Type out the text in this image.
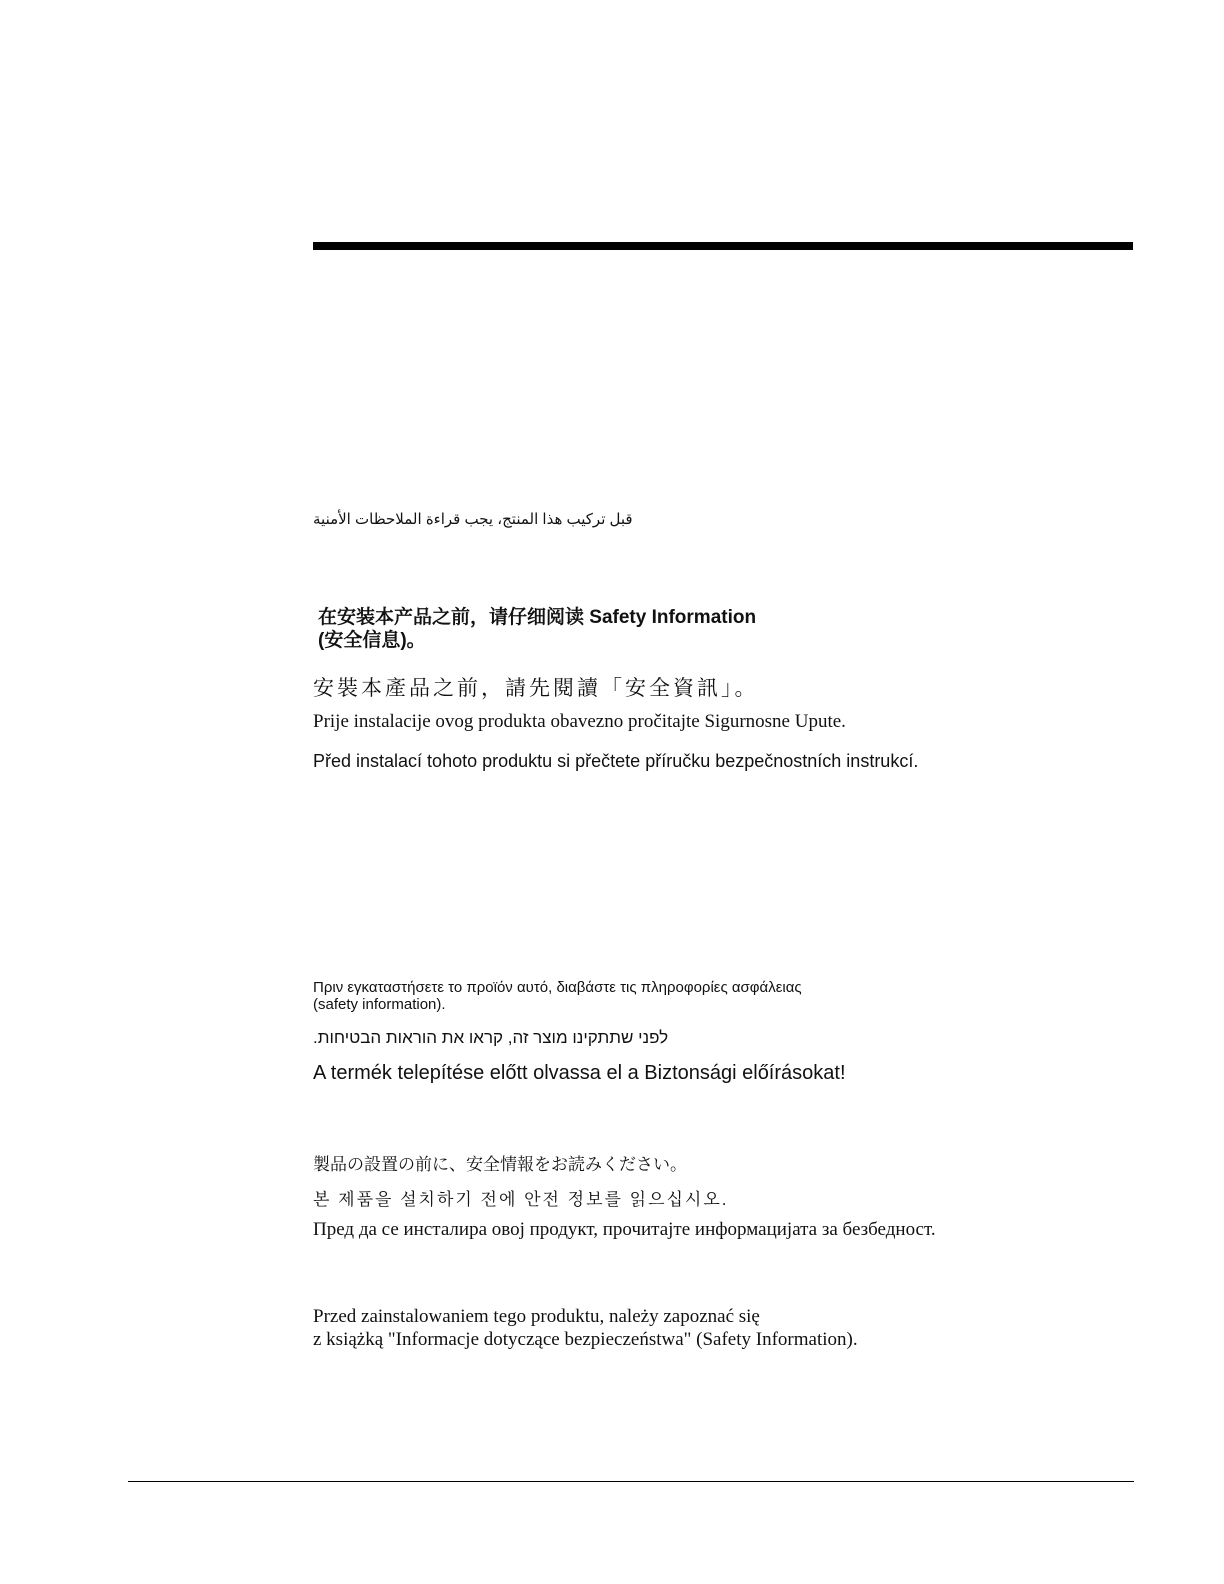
قبل تركيب هذا المنتج، يجب قراءة الملاحظات الأمنية

在安装本产品之前，请仔细阅读 Safety Information

(安全信息)。

安裝本產品之前，請先閱讀「安全資訊」。

Prije instalacije ovog produkta obavezno pročitajte Sigurnosne Upute.

Před instalací tohoto produktu si přečtete příručku bezpečnostních instrukcí.

Πριν εγκαταστήσετε το προϊόν αυτό, διαβάστε τις πληροφορίες ασφάλειας

(safety information).

לפני שתתקינו מוצר זה, קראו את הוראות הבטיחות.

A termék telepítése előtt olvassa el a Biztonsági előírásokat!

製品の設置の前に、安全情報をお読みください。

본 제품을 설치하기 전에 안전 정보를 읽으십시오.

Пред да се инсталира овој продукт, прочитајте информацијата за безбедност.

Przed zainstalowaniem tego produktu, należy zapoznać się

z książką "Informacje dotyczące bezpieczeństwa" (Safety Information).
